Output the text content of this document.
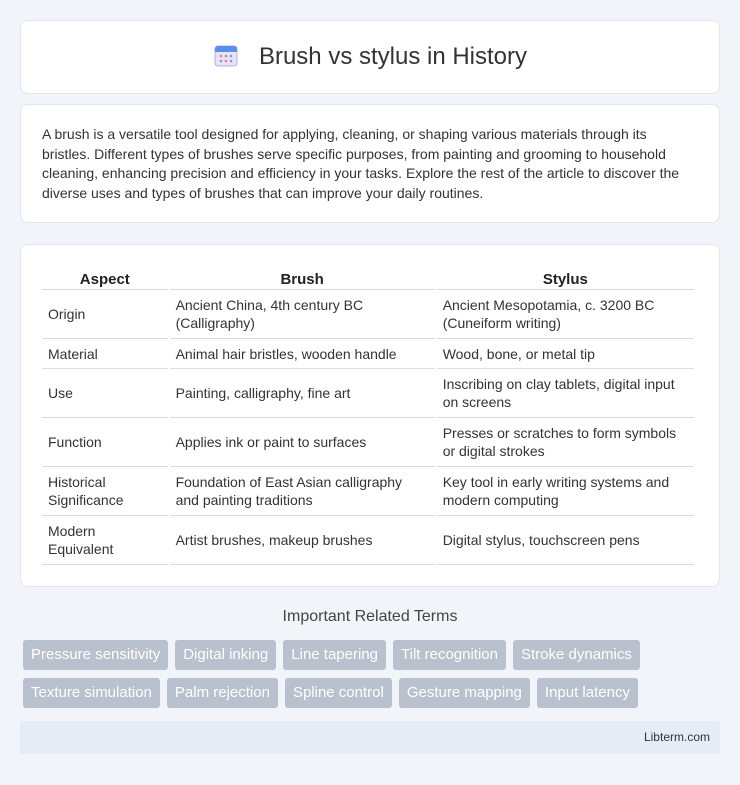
Brush vs stylus in History

A brush is a versatile tool designed for applying, cleaning, or shaping various materials through its bristles. Different types of brushes serve specific purposes, from painting and grooming to household cleaning, enhancing precision and efficiency in your tasks. Explore the rest of the article to discover the diverse uses and types of brushes that can improve your daily routines.

Aspect	Brush	Stylus
Origin	Ancient China, 4th century BC (Calligraphy)	Ancient Mesopotamia, c. 3200 BC (Cuneiform writing)
Material	Animal hair bristles, wooden handle	Wood, bone, or metal tip
Use	Painting, calligraphy, fine art	Inscribing on clay tablets, digital input on screens
Function	Applies ink or paint to surfaces	Presses or scratches to form symbols or digital strokes
Historical Significance	Foundation of East Asian calligraphy and painting traditions	Key tool in early writing systems and modern computing
Modern Equivalent	Artist brushes, makeup brushes	Digital stylus, touchscreen pens
Important Related Terms
Pressure sensitivity	Digital inking	Line tapering	Tilt recognition	Stroke dynamics
Texture simulation	Palm rejection	Spline control	Gesture mapping	Input latency
Libterm.com
